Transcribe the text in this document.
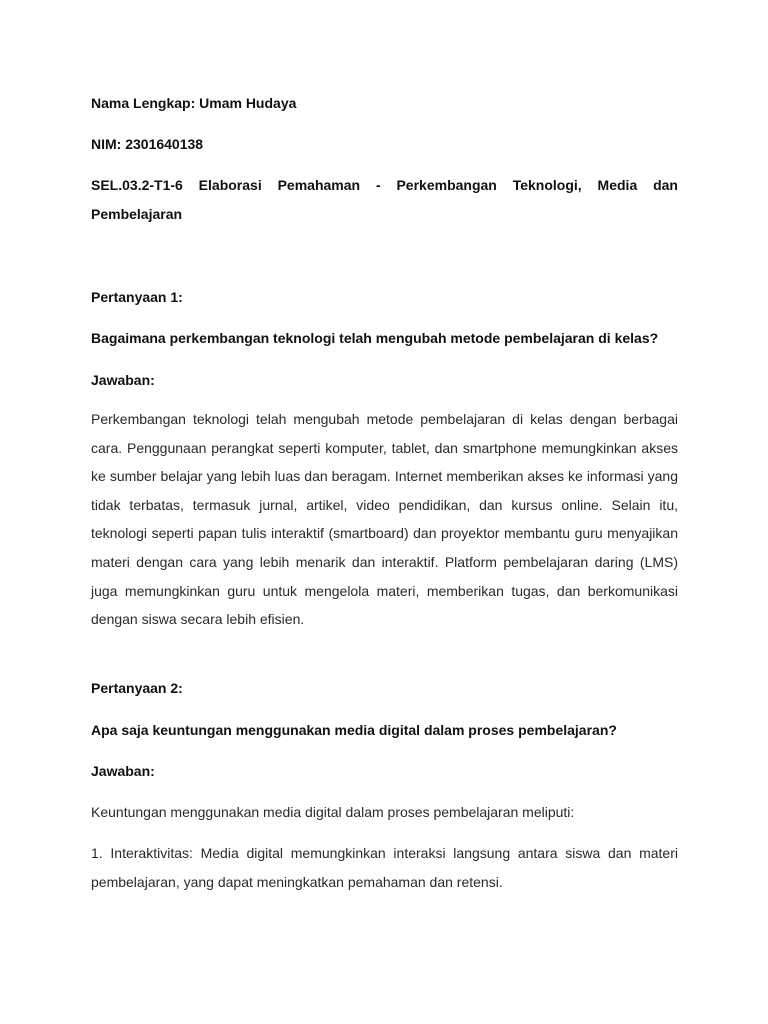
Nama Lengkap: Umam Hudaya

NIM: 2301640138

SEL.03.2-T1-6 Elaborasi Pemahaman - Perkembangan Teknologi, Media dan Pembelajaran

Pertanyaan 1:

Bagaimana perkembangan teknologi telah mengubah metode pembelajaran di kelas?

Jawaban:

Perkembangan teknologi telah mengubah metode pembelajaran di kelas dengan berbagai cara. Penggunaan perangkat seperti komputer, tablet, dan smartphone memungkinkan akses ke sumber belajar yang lebih luas dan beragam. Internet memberikan akses ke informasi yang tidak terbatas, termasuk jurnal, artikel, video pendidikan, dan kursus online. Selain itu, teknologi seperti papan tulis interaktif (smartboard) dan proyektor membantu guru menyajikan materi dengan cara yang lebih menarik dan interaktif. Platform pembelajaran daring (LMS) juga memungkinkan guru untuk mengelola materi, memberikan tugas, dan berkomunikasi dengan siswa secara lebih efisien.

Pertanyaan 2:

Apa saja keuntungan menggunakan media digital dalam proses pembelajaran?

Jawaban:

Keuntungan menggunakan media digital dalam proses pembelajaran meliputi:

1. Interaktivitas: Media digital memungkinkan interaksi langsung antara siswa dan materi pembelajaran, yang dapat meningkatkan pemahaman dan retensi.
